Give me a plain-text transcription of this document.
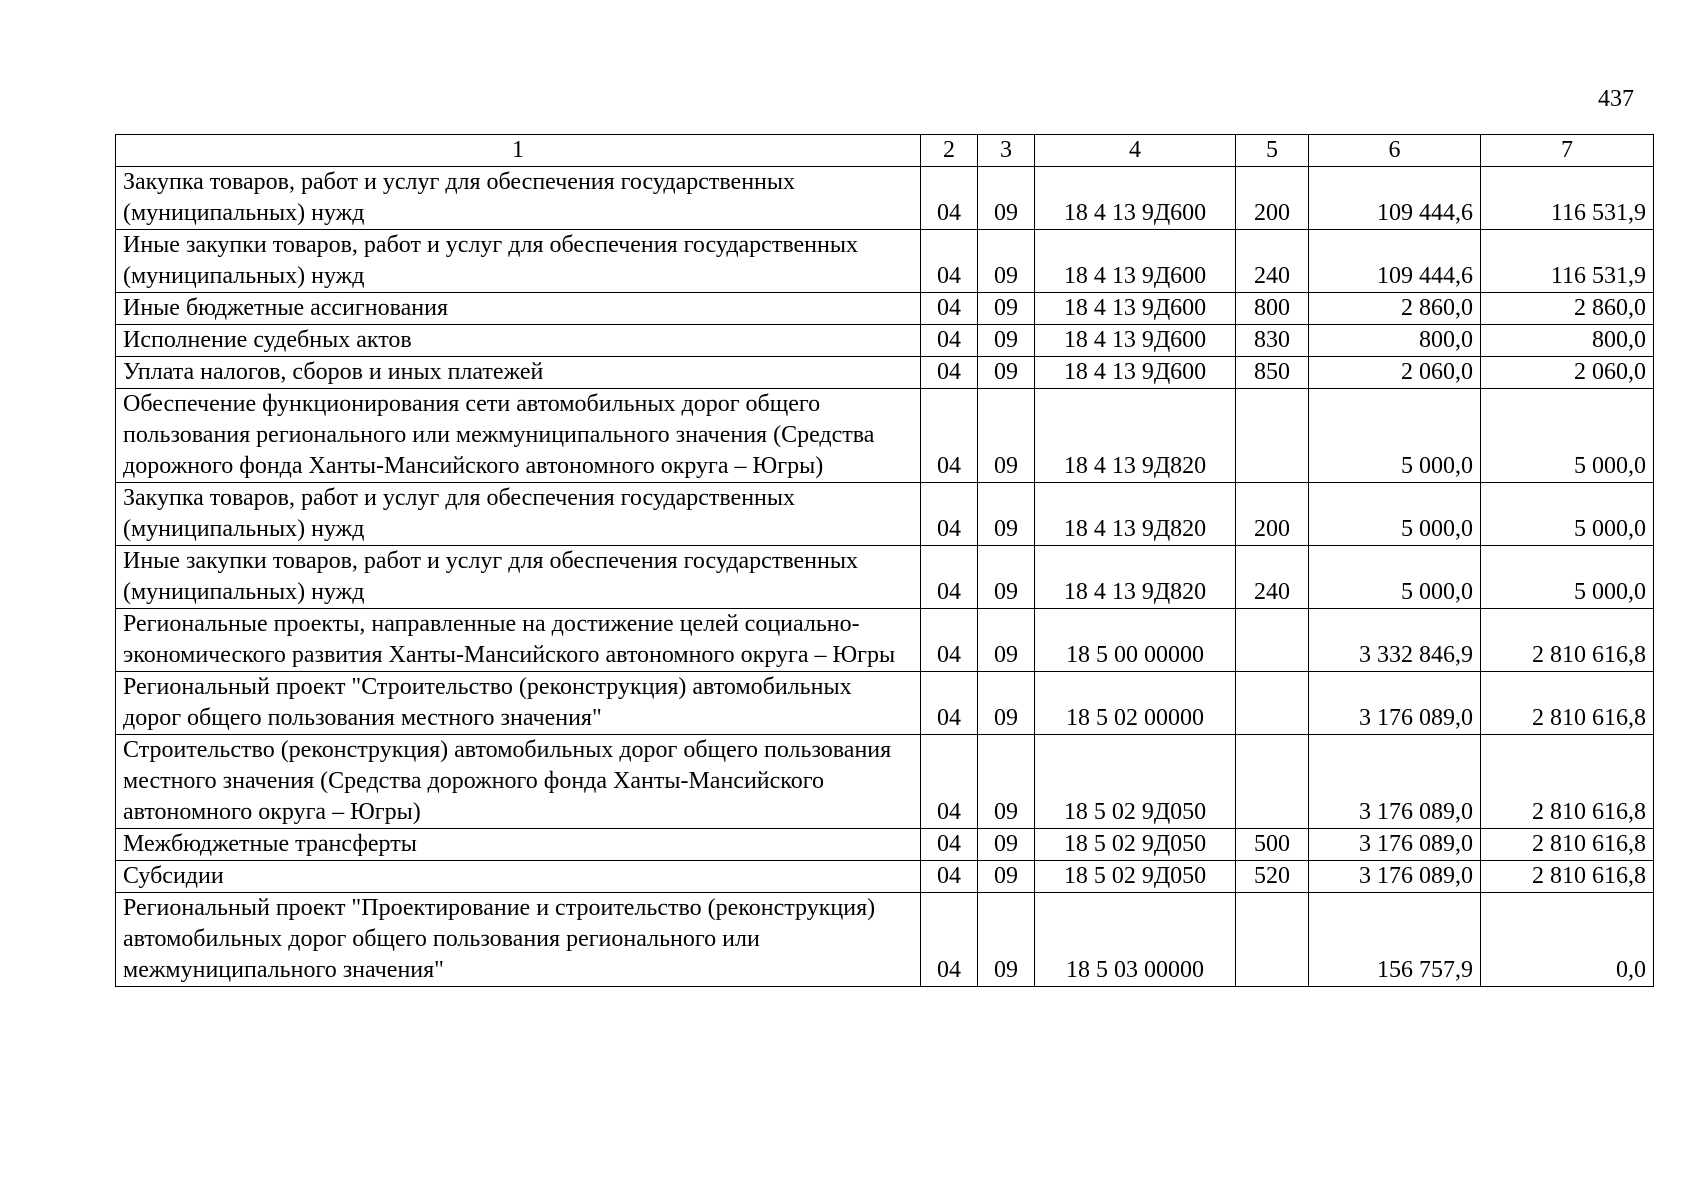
437
1	2	3	4	5	6	7
Закупка товаров, работ и услуг для обеспечения государственных (муниципальных) нужд	04	09	18 4 13 9Д600	200	109 444,6	116 531,9
Иные закупки товаров, работ и услуг для обеспечения государственных (муниципальных) нужд	04	09	18 4 13 9Д600	240	109 444,6	116 531,9
Иные бюджетные ассигнования	04	09	18 4 13 9Д600	800	2 860,0	2 860,0
Исполнение судебных актов	04	09	18 4 13 9Д600	830	800,0	800,0
Уплата налогов, сборов и иных платежей	04	09	18 4 13 9Д600	850	2 060,0	2 060,0
Обеспечение функционирования сети автомобильных дорог общего пользования регионального или межмуниципального значения (Средства дорожного фонда Ханты-Мансийского автономного округа – Югры)	04	09	18 4 13 9Д820		5 000,0	5 000,0
Закупка товаров, работ и услуг для обеспечения государственных (муниципальных) нужд	04	09	18 4 13 9Д820	200	5 000,0	5 000,0
Иные закупки товаров, работ и услуг для обеспечения государственных (муниципальных) нужд	04	09	18 4 13 9Д820	240	5 000,0	5 000,0
Региональные проекты, направленные на достижение целей социально-экономического развития Ханты-Мансийского автономного округа – Югры	04	09	18 5 00 00000		3 332 846,9	2 810 616,8
Региональный проект "Строительство (реконструкция) автомобильных дорог общего пользования местного значения"	04	09	18 5 02 00000		3 176 089,0	2 810 616,8
Строительство (реконструкция) автомобильных дорог общего пользования местного значения (Средства дорожного фонда Ханты-Мансийского автономного округа – Югры)	04	09	18 5 02 9Д050		3 176 089,0	2 810 616,8
Межбюджетные трансферты	04	09	18 5 02 9Д050	500	3 176 089,0	2 810 616,8
Субсидии	04	09	18 5 02 9Д050	520	3 176 089,0	2 810 616,8
Региональный проект "Проектирование и строительство (реконструкция) автомобильных дорог общего пользования регионального или межмуниципального значения"	04	09	18 5 03 00000		156 757,9	0,0
